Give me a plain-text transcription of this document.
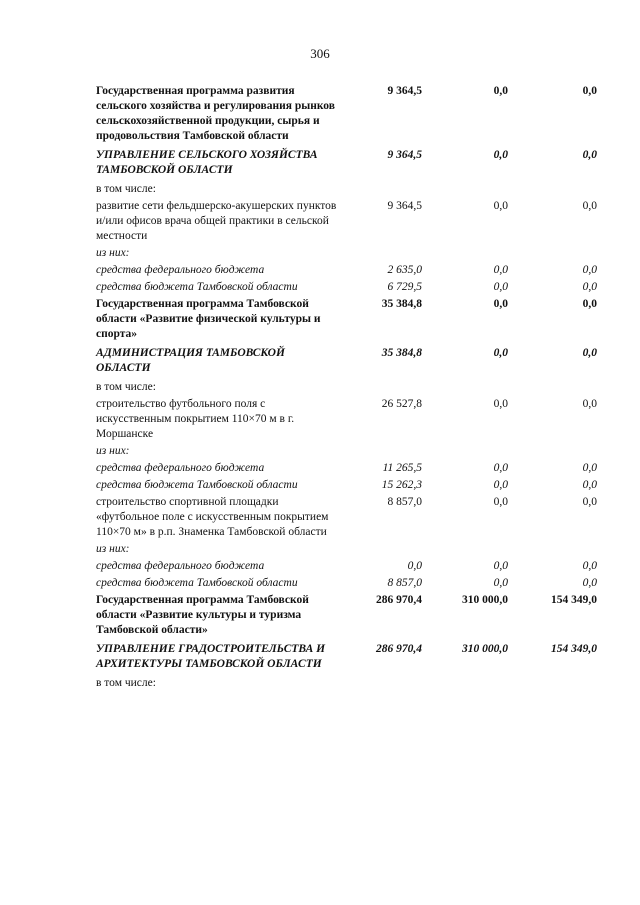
306
Государственная программа развития сельского хозяйства и регулирования рынков сельскохозяйственной продукции, сырья и продовольствия Тамбовской области
9 364,5	0,0	0,0
УПРАВЛЕНИЕ СЕЛЬСКОГО ХОЗЯЙСТВА ТАМБОВСКОЙ ОБЛАСТИ
9 364,5	0,0	0,0
в том числе:
развитие сети фельдшерско-акушерских пунктов и/или офисов врача общей практики в сельской местности
9 364,5	0,0	0,0
из них:
средства федерального бюджета	2 635,0	0,0	0,0
средства бюджета Тамбовской области	6 729,5	0,0	0,0
Государственная программа Тамбовской области «Развитие физической культуры и спорта»
35 384,8	0,0	0,0
АДМИНИСТРАЦИЯ ТАМБОВСКОЙ ОБЛАСТИ
35 384,8	0,0	0,0
в том числе:
строительство футбольного поля с искусственным покрытием 110×70 м в г. Моршанске
26 527,8	0,0	0,0
из них:
средства федерального бюджета	11 265,5	0,0	0,0
средства бюджета Тамбовской области	15 262,3	0,0	0,0
строительство спортивной площадки «футбольное поле с искусственным покрытием 110×70 м» в р.п. Знаменка Тамбовской области
8 857,0	0,0	0,0
из них:
средства федерального бюджета	0,0	0,0	0,0
средства бюджета Тамбовской области	8 857,0	0,0	0,0
Государственная программа Тамбовской области «Развитие культуры и туризма Тамбовской области»
286 970,4	310 000,0	154 349,0
УПРАВЛЕНИЕ ГРАДОСТРОИТЕЛЬСТВА И АРХИТЕКТУРЫ ТАМБОВСКОЙ ОБЛАСТИ
286 970,4	310 000,0	154 349,0
в том числе:
